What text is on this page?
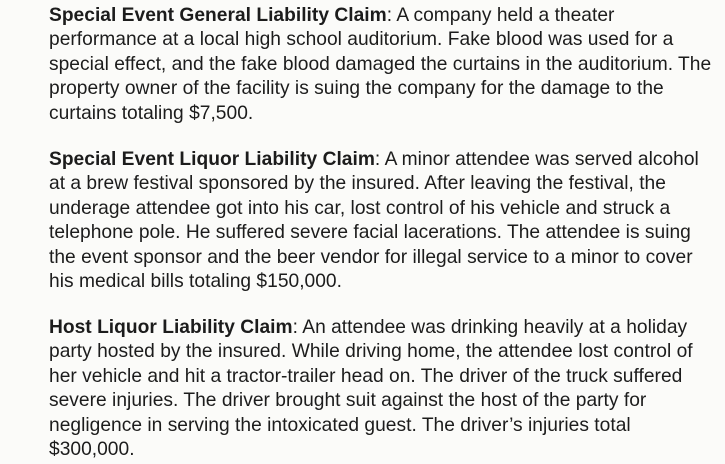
Special Event General Liability Claim: A company held a theater performance at a local high school auditorium. Fake blood was used for a special effect, and the fake blood damaged the curtains in the auditorium. The property owner of the facility is suing the company for the damage to the curtains totaling $7,500.

Special Event Liquor Liability Claim: A minor attendee was served alcohol at a brew festival sponsored by the insured. After leaving the festival, the underage attendee got into his car, lost control of his vehicle and struck a telephone pole. He suffered severe facial lacerations. The attendee is suing the event sponsor and the beer vendor for illegal service to a minor to cover his medical bills totaling $150,000.

Host Liquor Liability Claim: An attendee was drinking heavily at a holiday party hosted by the insured. While driving home, the attendee lost control of her vehicle and hit a tractor-trailer head on. The driver of the truck suffered severe injuries. The driver brought suit against the host of the party for negligence in serving the intoxicated guest. The driver’s injuries total $300,000.
